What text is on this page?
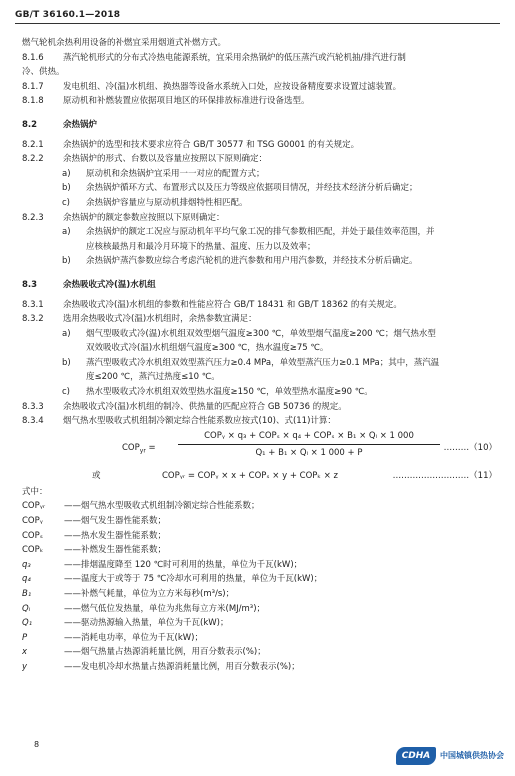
GB/T 36160.1—2018

燃气轮机余热利用设备的补燃宜采用烟道式补燃方式。

8.1.6 蒸汽轮机形式的分布式冷热电能源系统，宜采用余热锅炉的低压蒸汽或汽轮机抽/排汽进行制

冷、供热。

8.1.7 发电机组、冷(温)水机组、换热器等设备水系统入口处，应按设备精度要求设置过滤装置。

8.1.8 原动机和补燃装置应依据项目地区的环保排放标准进行设备选型。

8.2	余热锅炉

8.2.1 余热锅炉的选型和技术要求应符合 GB/T 30577 和 TSG G0001 的有关规定。

8.2.2 余热锅炉的形式、台数以及容量应按照以下原则确定：

a) 原动机和余热锅炉宜采用一一对应的配置方式；

b) 余热锅炉循环方式、布置形式以及压力等级应依据项目情况，并经技术经济分析后确定；

c) 余热锅炉容量应与原动机排烟特性相匹配。

8.2.3 余热锅炉的额定参数应按照以下原则确定：

a) 余热锅炉的额定工况应与原动机年平均气象工况的排气参数相匹配，并处于最佳效率范围，并

应核核最热月和最冷月环境下的热量、温度、压力以及效率；

b) 余热锅炉蒸汽参数应综合考虑汽轮机的进汽参数和用户用汽参数，并经技术分析后确定。

8.3	余热吸收式冷(温)水机组

8.3.1 余热吸收式冷(温)水机组的参数和性能应符合 GB/T 18431 和 GB/T 18362 的有关规定。

8.3.2 选用余热吸收式冷(温)水机组时，余热参数宜满足：

a) 烟气型吸收式冷(温)水机组双效型烟气温度≥300 ℃，单效型烟气温度≥200 ℃；烟气热水型

双效吸收式冷(温)水机组烟气温度≥300 ℃，热水温度≥75 ℃。

b) 蒸汽型吸收式冷水机组双效型蒸汽压力≥0.4 MPa，单效型蒸汽压力≥0.1 MPa；其中，蒸汽温

度≤200 ℃，蒸汽过热度≤10 ℃。

c) 热水型吸收式冷水机组双效型热水温度≥150 ℃，单效型热水温度≥90 ℃。

8.3.3 余热吸收式冷(温)水机组的制冷、供热量的匹配应符合 GB 50736 的规定。

8.3.4 烟气热水型吸收式机组制冷额定综合性能系数应按式(10)、式(11)计算：

$COP_{yr}$ =
COPᵧ × q₃ + COPₛ × q₄ + COPₛ × B₁ × Qₗ × 1 000
Q₁ + B₁ × Qₗ × 1 000 + P
………（10）
或	COPᵧᵣ = COPᵧ × x + COPₛ × y + COPₖ × z	………………………（11）

式中：

COPᵧᵣ ——烟气热水型吸收式机组制冷额定综合性能系数；

COPᵧ ——烟气发生器性能系数；

COPₛ ——热水发生器性能系数；

COPₖ ——补燃发生器性能系数；

q₃	——排烟温度降至 120 ℃时可利用的热量，单位为千瓦(kW)；

q₄	——温度大于或等于 75 ℃冷却水可利用的热量，单位为千瓦(kW)；

B₁	——补燃气耗量，单位为立方米每秒(m³/s)；

Qₗ	——燃气低位发热量，单位为兆焦每立方米(MJ/m³)；

Q₁	——驱动热源输入热量，单位为千瓦(kW)；

P	——消耗电功率，单位为千瓦(kW)；

x	——烟气热量占热源消耗量比例，用百分数表示(%)；

y	——发电机冷却水热量占热源消耗量比例，用百分数表示(%)；

8
CDHA	中国城镇供热协会
